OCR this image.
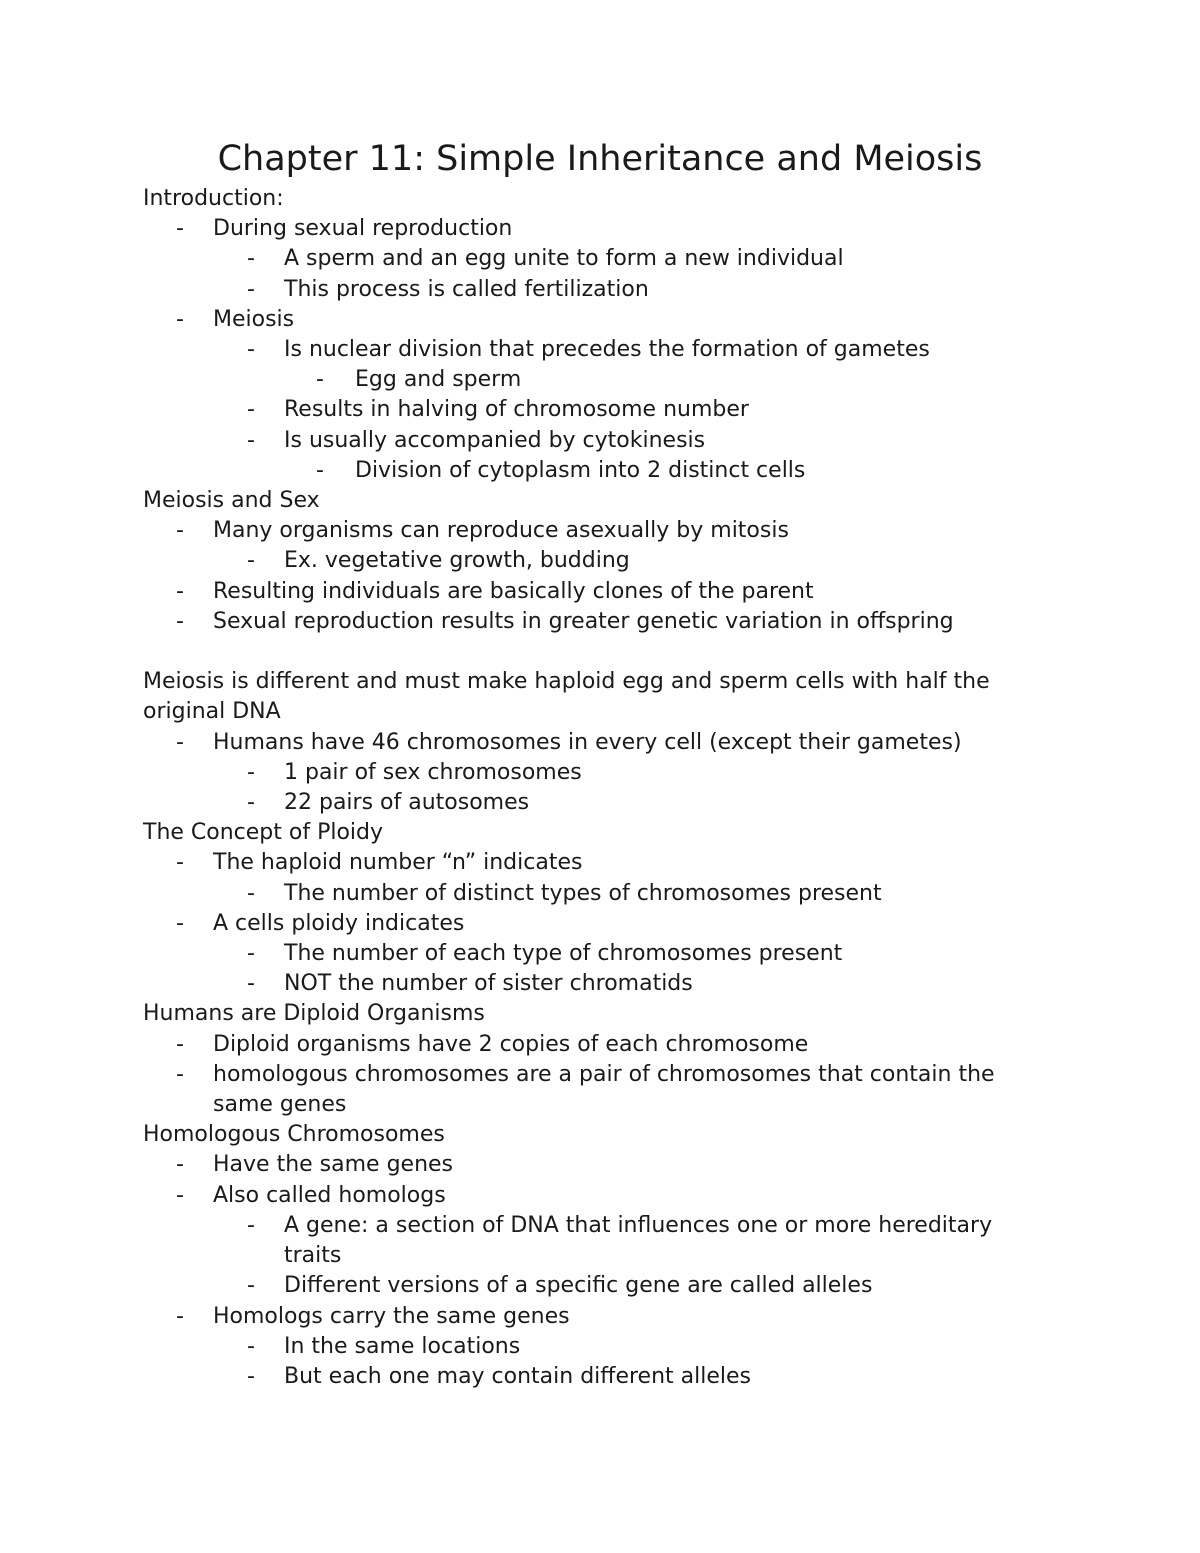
Chapter 11: Simple Inheritance and Meiosis
Introduction:
- During sexual reproduction
- A sperm and an egg unite to form a new individual
- This process is called fertilization
- Meiosis
- Is nuclear division that precedes the formation of gametes
- Egg and sperm
- Results in halving of chromosome number
- Is usually accompanied by cytokinesis
- Division of cytoplasm into 2 distinct cells
Meiosis and Sex
- Many organisms can reproduce asexually by mitosis
- Ex. vegetative growth, budding
- Resulting individuals are basically clones of the parent
- Sexual reproduction results in greater genetic variation in offspring
Meiosis is different and must make haploid egg and sperm cells with half the original DNA
- Humans have 46 chromosomes in every cell (except their gametes)
- 1 pair of sex chromosomes
- 22 pairs of autosomes
The Concept of Ploidy
- The haploid number “n” indicates
- The number of distinct types of chromosomes present
- A cells ploidy indicates
- The number of each type of chromosomes present
- NOT the number of sister chromatids
Humans are Diploid Organisms
- Diploid organisms have 2 copies of each chromosome
- homologous chromosomes are a pair of chromosomes that contain the same genes
Homologous Chromosomes
- Have the same genes
- Also called homologs
- A gene: a section of DNA that influences one or more hereditary traits
- Different versions of a specific gene are called alleles
- Homologs carry the same genes
- In the same locations
- But each one may contain different alleles
